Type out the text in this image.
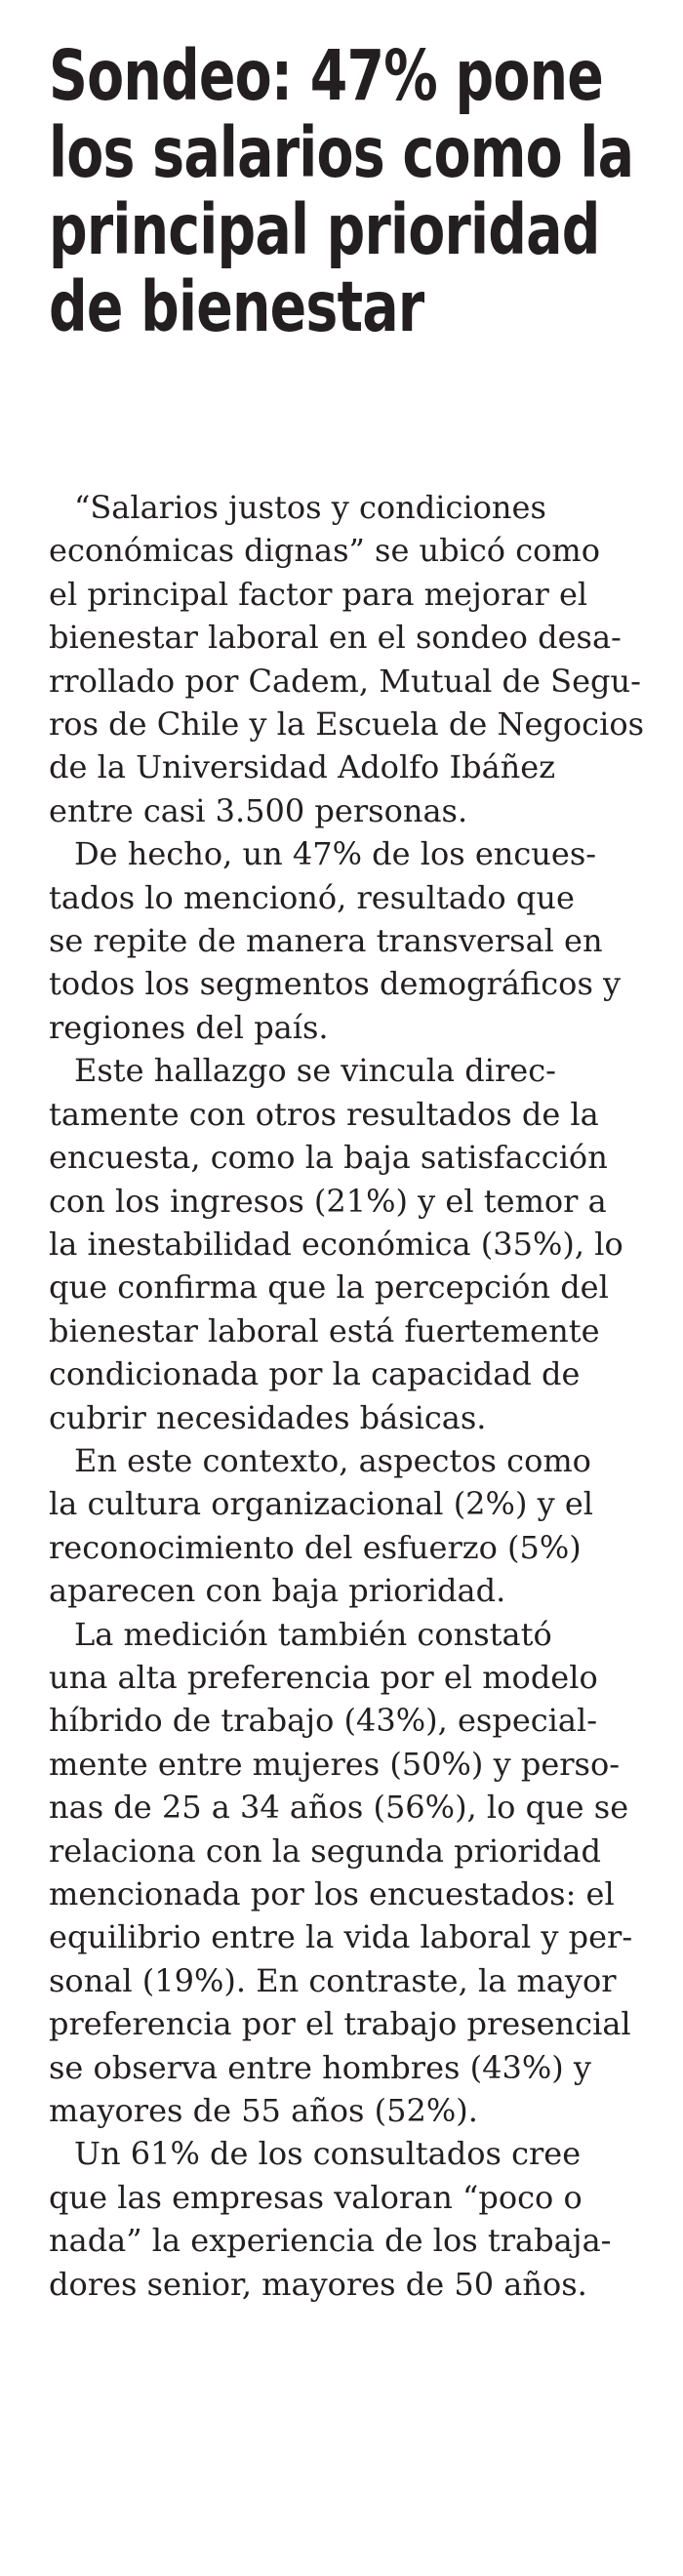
Sondeo: 47% pone
los salarios como la
principal prioridad
de bienestar

“Salarios justos y condiciones
económicas dignas” se ubicó como
el principal factor para mejorar el
bienestar laboral en el sondeo desa-
rrollado por Cadem, Mutual de Segu-
ros de Chile y la Escuela de Negocios
de la Universidad Adolfo Ibáñez
entre casi 3.500 personas.

De hecho, un 47% de los encues-
tados lo mencionó, resultado que
se repite de manera transversal en
todos los segmentos demográficos y
regiones del país.

Este hallazgo se vincula direc-
tamente con otros resultados de la
encuesta, como la baja satisfacción
con los ingresos (21%) y el temor a
la inestabilidad económica (35%), lo
que confirma que la percepción del
bienestar laboral está fuertemente
condicionada por la capacidad de
cubrir necesidades básicas.

En este contexto, aspectos como
la cultura organizacional (2%) y el
reconocimiento del esfuerzo (5%)
aparecen con baja prioridad.

La medición también constató
una alta preferencia por el modelo
híbrido de trabajo (43%), especial-
mente entre mujeres (50%) y perso-
nas de 25 a 34 años (56%), lo que se
relaciona con la segunda prioridad
mencionada por los encuestados: el
equilibrio entre la vida laboral y per-
sonal (19%). En contraste, la mayor
preferencia por el trabajo presencial
se observa entre hombres (43%) y
mayores de 55 años (52%).

Un 61% de los consultados cree
que las empresas valoran “poco o
nada” la experiencia de los trabaja-
dores senior, mayores de 50 años.
